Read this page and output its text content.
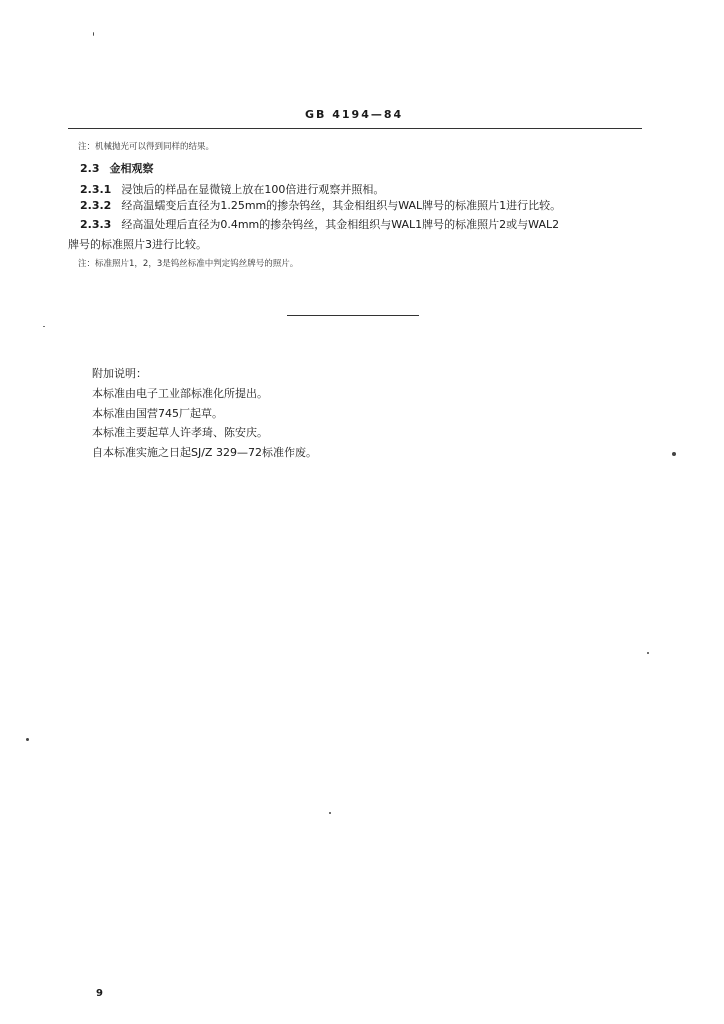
GB 4194—84
注：机械抛光可以得到同样的结果。
2.3 金相观察
2.3.1 浸蚀后的样品在显微镜上放在100倍进行观察并照相。
2.3.2 经高温蠕变后直径为1.25mm的掺杂钨丝，其金相组织与WAL牌号的标准照片1进行比较。
2.3.3 经高温处理后直径为0.4mm的掺杂钨丝，其金相组织与WAL1牌号的标准照片2或与WAL2
牌号的标准照片3进行比较。
注：标准照片1，2，3是钨丝标准中判定钨丝牌号的照片。
附加说明：
本标准由电子工业部标准化所提出。
本标准由国营745厂起草。
本标准主要起草人许孝琦、陈安庆。
自本标准实施之日起SJ/Z 329—72标准作废。
9
